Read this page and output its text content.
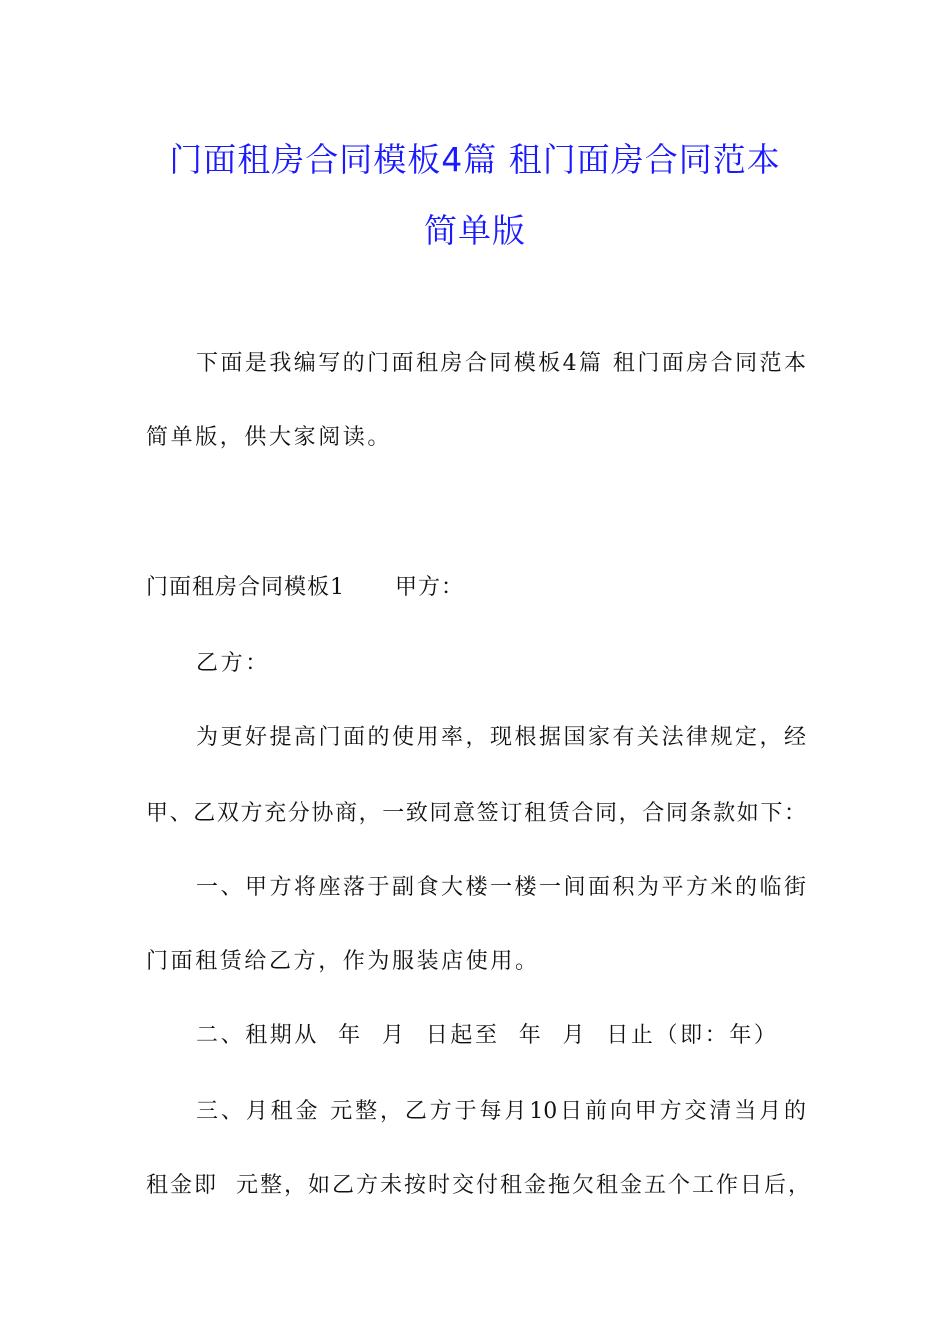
门面租房合同模板4篇 租门面房合同范本
简单版
下面是我编写的门面租房合同模板4篇 租门面房合同范本
简单版，供大家阅读。
门面租房合同模板1 甲方：
乙方：
为更好提高门面的使用率，现根据国家有关法律规定，经
甲、乙双方充分协商，一致同意签订租赁合同，合同条款如下：
一、甲方将座落于副食大楼一楼一间面积为平方米的临街
门面租赁给乙方，作为服装店使用。
二、租期从  年  月  日起至  年  月  日止（即：年）
三、月租金 元整，乙方于每月10日前向甲方交清当月的
租金即  元整，如乙方未按时交付租金拖欠租金五个工作日后，
